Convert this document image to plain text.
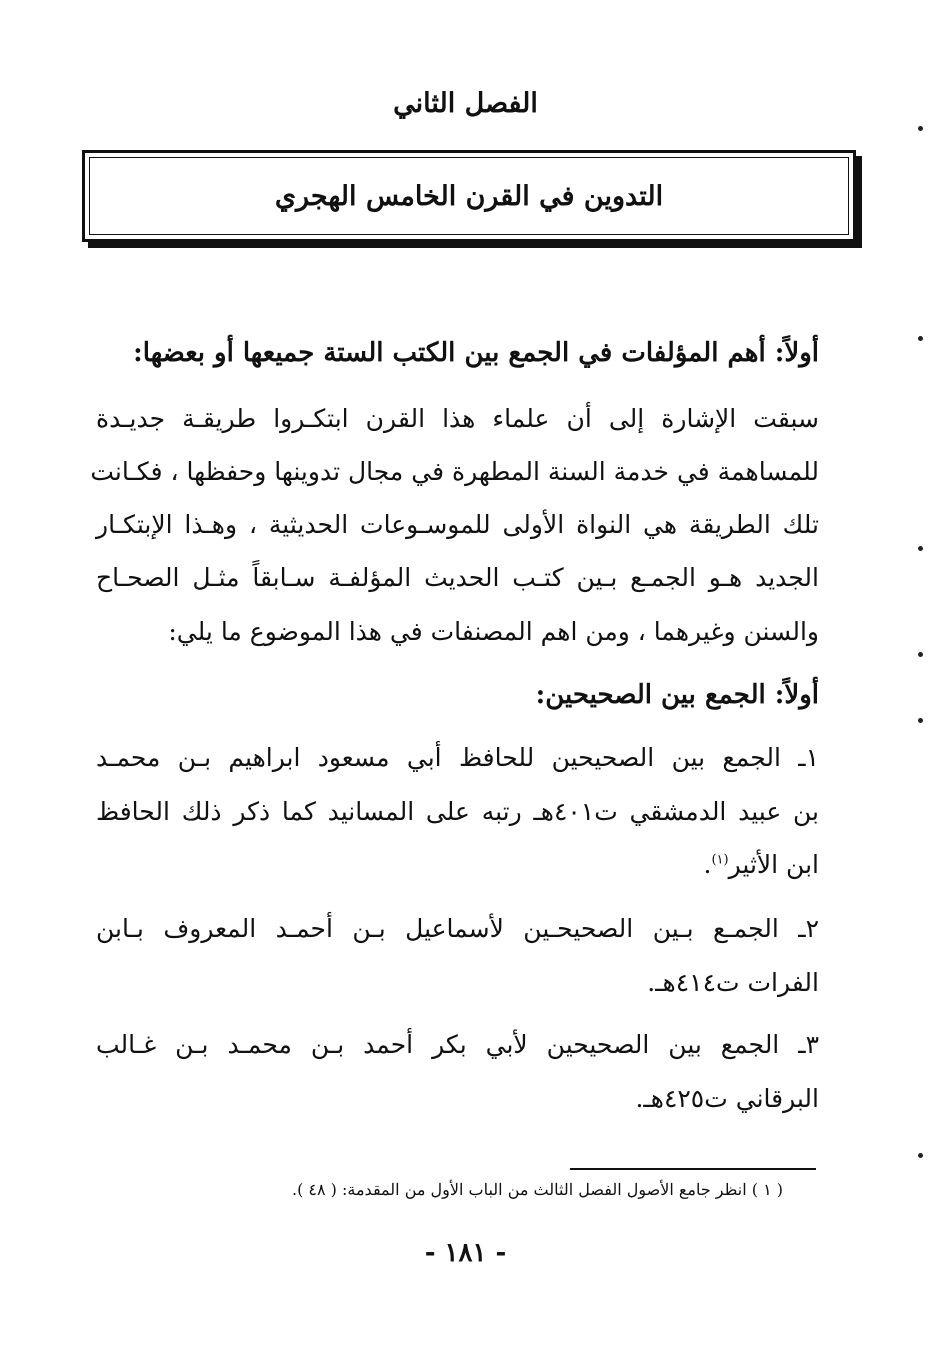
الفصل الثاني
التدوين في القرن الخامس الهجري
أولاً: أهم المؤلفات في الجمع بين الكتب الستة جميعها أو بعضها:
سبقت الإشارة إلى أن علماء هذا القرن ابتكـروا طريقـة جديـدة
للمساهمة في خدمة السنة المطهرة في مجال تدوينها وحفظها ، فكـانت
تلك الطريقة هي النواة الأولى للموسـوعات الحديثية ، وهـذا الإبتكـار
الجديد هـو الجمـع بـين كتـب الحديث المؤلفـة سـابقاً مثـل الصحـاح
والسنن وغيرهما ، ومن اهم المصنفات في هذا الموضوع ما يلي:
أولاً: الجمع بين الصحيحين:
١ـ الجمع بين الصحيحين للحافظ أبي مسعود ابراهيم بـن محمـد
بن عبيد الدمشقي ت٤٠١هـ رتبه على المسانيد كما ذكر ذلك الحافظ
ابن الأثير$^{(١)}$.
٢ـ الجمـع بـين الصحيحـين لأسماعيل بـن أحمـد المعروف بـابن
الفرات ت٤١٤هـ.
٣ـ الجمع بين الصحيحين لأبي بكر أحمد بـن محمـد بـن غـالب
البرقاني ت٤٢٥هـ.
( ١ ) انظر جامع الأصول الفصل الثالث من الباب الأول من المقدمة: ( ٤٨ ).
- ١٨١ -
